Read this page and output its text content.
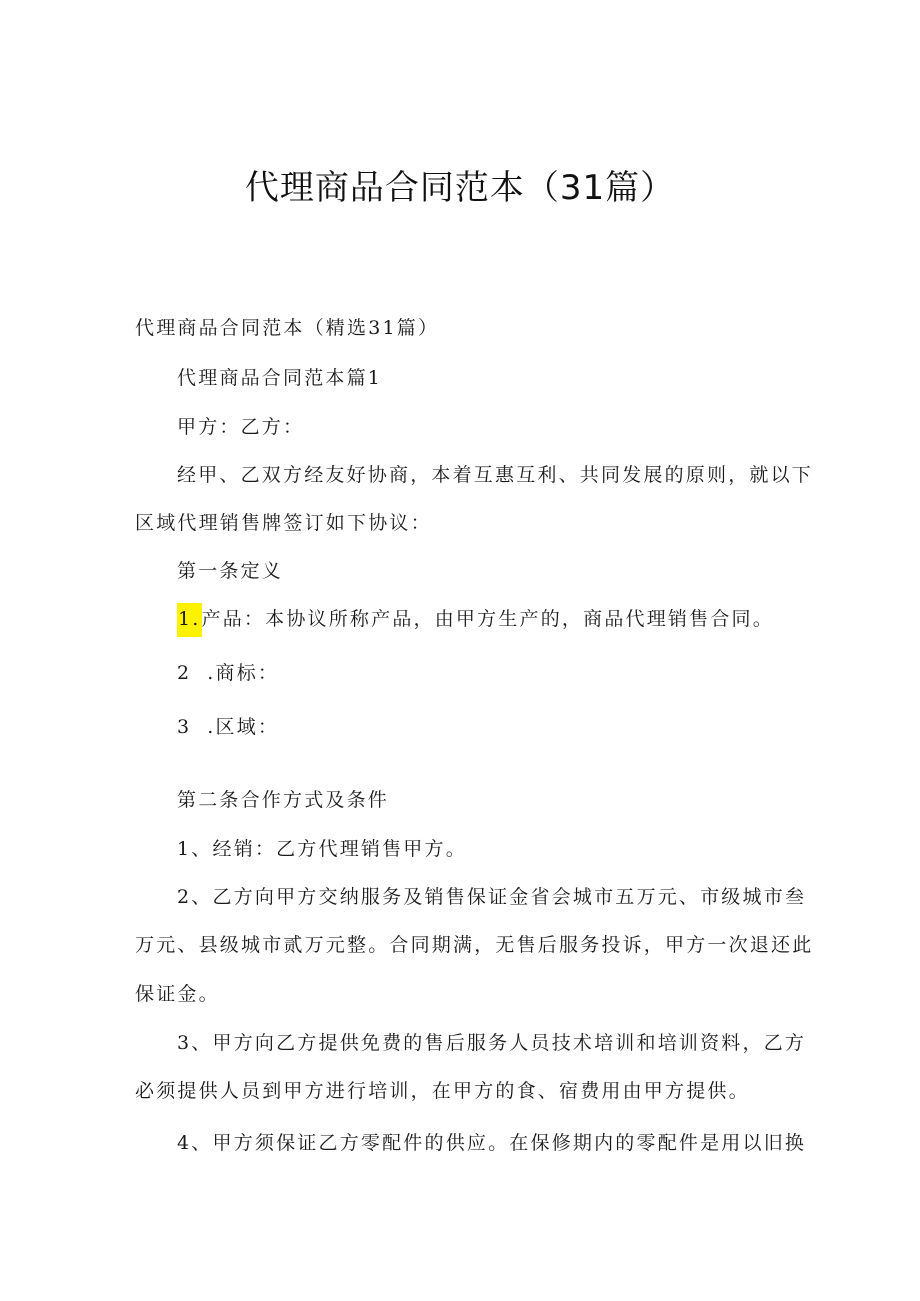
代理商品合同范本（31篇）
代理商品合同范本（精选31篇）
代理商品合同范本篇1
甲方：乙方：
经甲、乙双方经友好协商，本着互惠互利、共同发展的原则，就以下
区域代理销售牌签订如下协议：
第一条定义
1.产品：本协议所称产品，由甲方生产的，商品代理销售合同。
2 .商标：
3 .区域：
第二条合作方式及条件
1、经销：乙方代理销售甲方。
2、乙方向甲方交纳服务及销售保证金省会城市五万元、市级城市叁
万元、县级城市贰万元整。合同期满，无售后服务投诉，甲方一次退还此
保证金。
3、甲方向乙方提供免费的售后服务人员技术培训和培训资料，乙方
必须提供人员到甲方进行培训，在甲方的食、宿费用由甲方提供。
4、甲方须保证乙方零配件的供应。在保修期内的零配件是用以旧换
